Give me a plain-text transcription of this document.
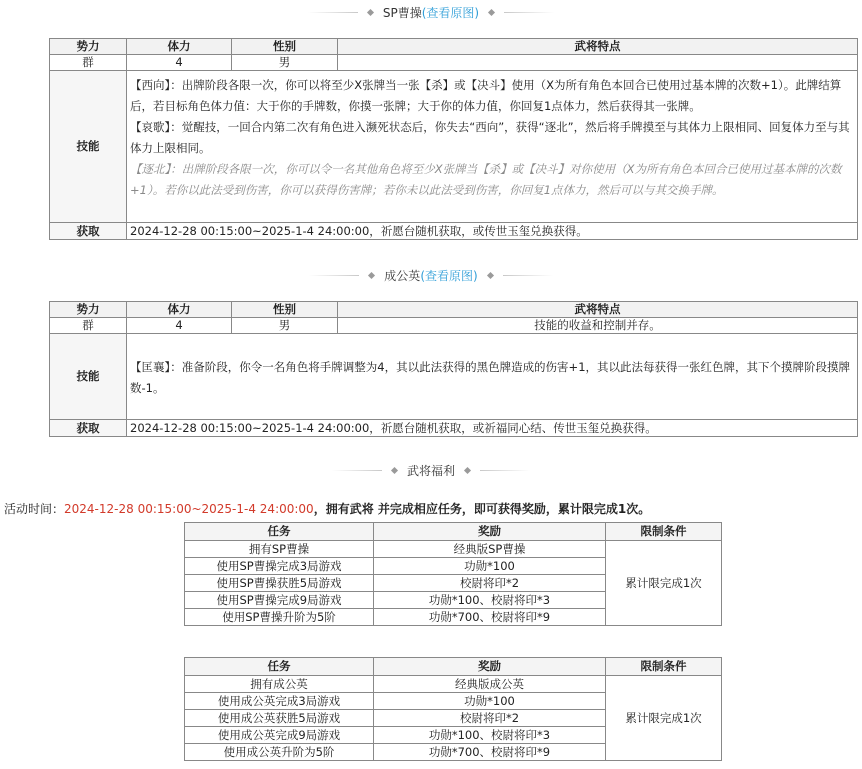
SP曹操(查看原图)
势力	体力	性别	武将特点
群	4	男	
技能	【西向】：出牌阶段各限一次，你可以将至少X张牌当一张【杀】或【决斗】使用（X为所有角色本回合已使用过基本牌的次数+1）。此牌结算后，若目标角色体力值：大于你的手牌数，你摸一张牌；大于你的体力值，你回复1点体力，然后获得其一张牌。

【哀歌】：觉醒技，一回合内第二次有角色进入濒死状态后，你失去“西向”，获得“逐北”，然后将手牌摸至与其体力上限相同、回复体力至与其体力上限相同。

【逐北】：出牌阶段各限一次，你可以令一名其他角色将至少X张牌当【杀】或【决斗】对你使用（X为所有角色本回合已使用过基本牌的次数+1）。若你以此法受到伤害，你可以获得伤害牌；若你未以此法受到伤害，你回复1点体力，然后可以与其交换手牌。		

获取	2024-12-28 00:15:00~2025-1-4 24:00:00，祈愿台随机获取，或传世玉玺兑换获得。		
成公英(查看原图)
势力	体力	性别	武将特点
群	4	男	技能的收益和控制并存。
技能	【匡襄】：准备阶段，你令一名角色将手牌调整为4，其以此法获得的黑色牌造成的伤害+1，其以此法每获得一张红色牌，其下个摸牌阶段摸牌数-1。		

获取	2024-12-28 00:15:00~2025-1-4 24:00:00，祈愿台随机获取，或祈福同心结、传世玉玺兑换获得。		
武将福利
活动时间：2024-12-28 00:15:00~2025-1-4 24:00:00，拥有武将 并完成相应任务，即可获得奖励，累计限完成1次。
任务	奖励	限制条件
拥有SP曹操	经典版SP曹操	累计限完成1次
使用SP曹操完成3局游戏	功勋*100	
使用SP曹操获胜5局游戏	校尉将印*2	
使用SP曹操完成9局游戏	功勋*100、校尉将印*3	
使用SP曹操升阶为5阶	功勋*700、校尉将印*9	
任务	奖励	限制条件
拥有成公英	经典版成公英	累计限完成1次
使用成公英完成3局游戏	功勋*100	
使用成公英获胜5局游戏	校尉将印*2	
使用成公英完成9局游戏	功勋*100、校尉将印*3	
使用成公英升阶为5阶	功勋*700、校尉将印*9	
